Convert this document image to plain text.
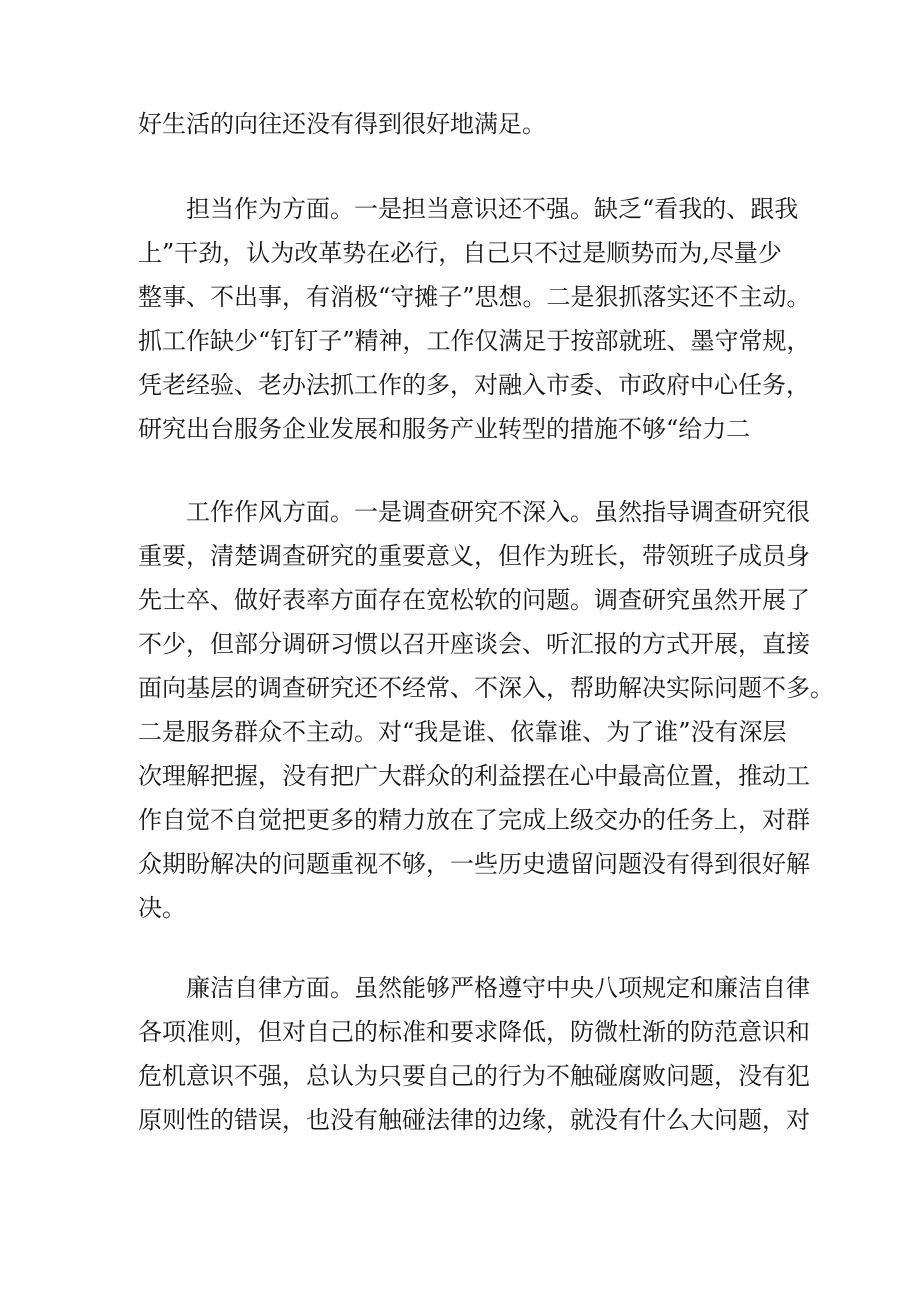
好生活的向往还没有得到很好地满足。
担当作为方面。一是担当意识还不强。缺乏“看我的、跟我
上”干劲，认为改革势在必行，自己只不过是顺势而为,尽量少
整事、不出事，有消极“守摊子”思想。二是狠抓落实还不主动。
抓工作缺少“钉钉子”精神，工作仅满足于按部就班、墨守常规，
凭老经验、老办法抓工作的多，对融入市委、市政府中心任务，
研究出台服务企业发展和服务产业转型的措施不够“给力二
工作作风方面。一是调查研究不深入。虽然指导调查研究很
重要，清楚调查研究的重要意义，但作为班长，带领班子成员身
先士卒、做好表率方面存在宽松软的问题。调查研究虽然开展了
不少，但部分调研习惯以召开座谈会、听汇报的方式开展，直接
面向基层的调查研究还不经常、不深入，帮助解决实际问题不多。
二是服务群众不主动。对“我是谁、依靠谁、为了谁”没有深层
次理解把握，没有把广大群众的利益摆在心中最高位置，推动工
作自觉不自觉把更多的精力放在了完成上级交办的任务上，对群
众期盼解决的问题重视不够，一些历史遗留问题没有得到很好解
决。
廉洁自律方面。虽然能够严格遵守中央八项规定和廉洁自律
各项准则，但对自己的标准和要求降低，防微杜渐的防范意识和
危机意识不强，总认为只要自己的行为不触碰腐败问题，没有犯
原则性的错误，也没有触碰法律的边缘，就没有什么大问题，对
